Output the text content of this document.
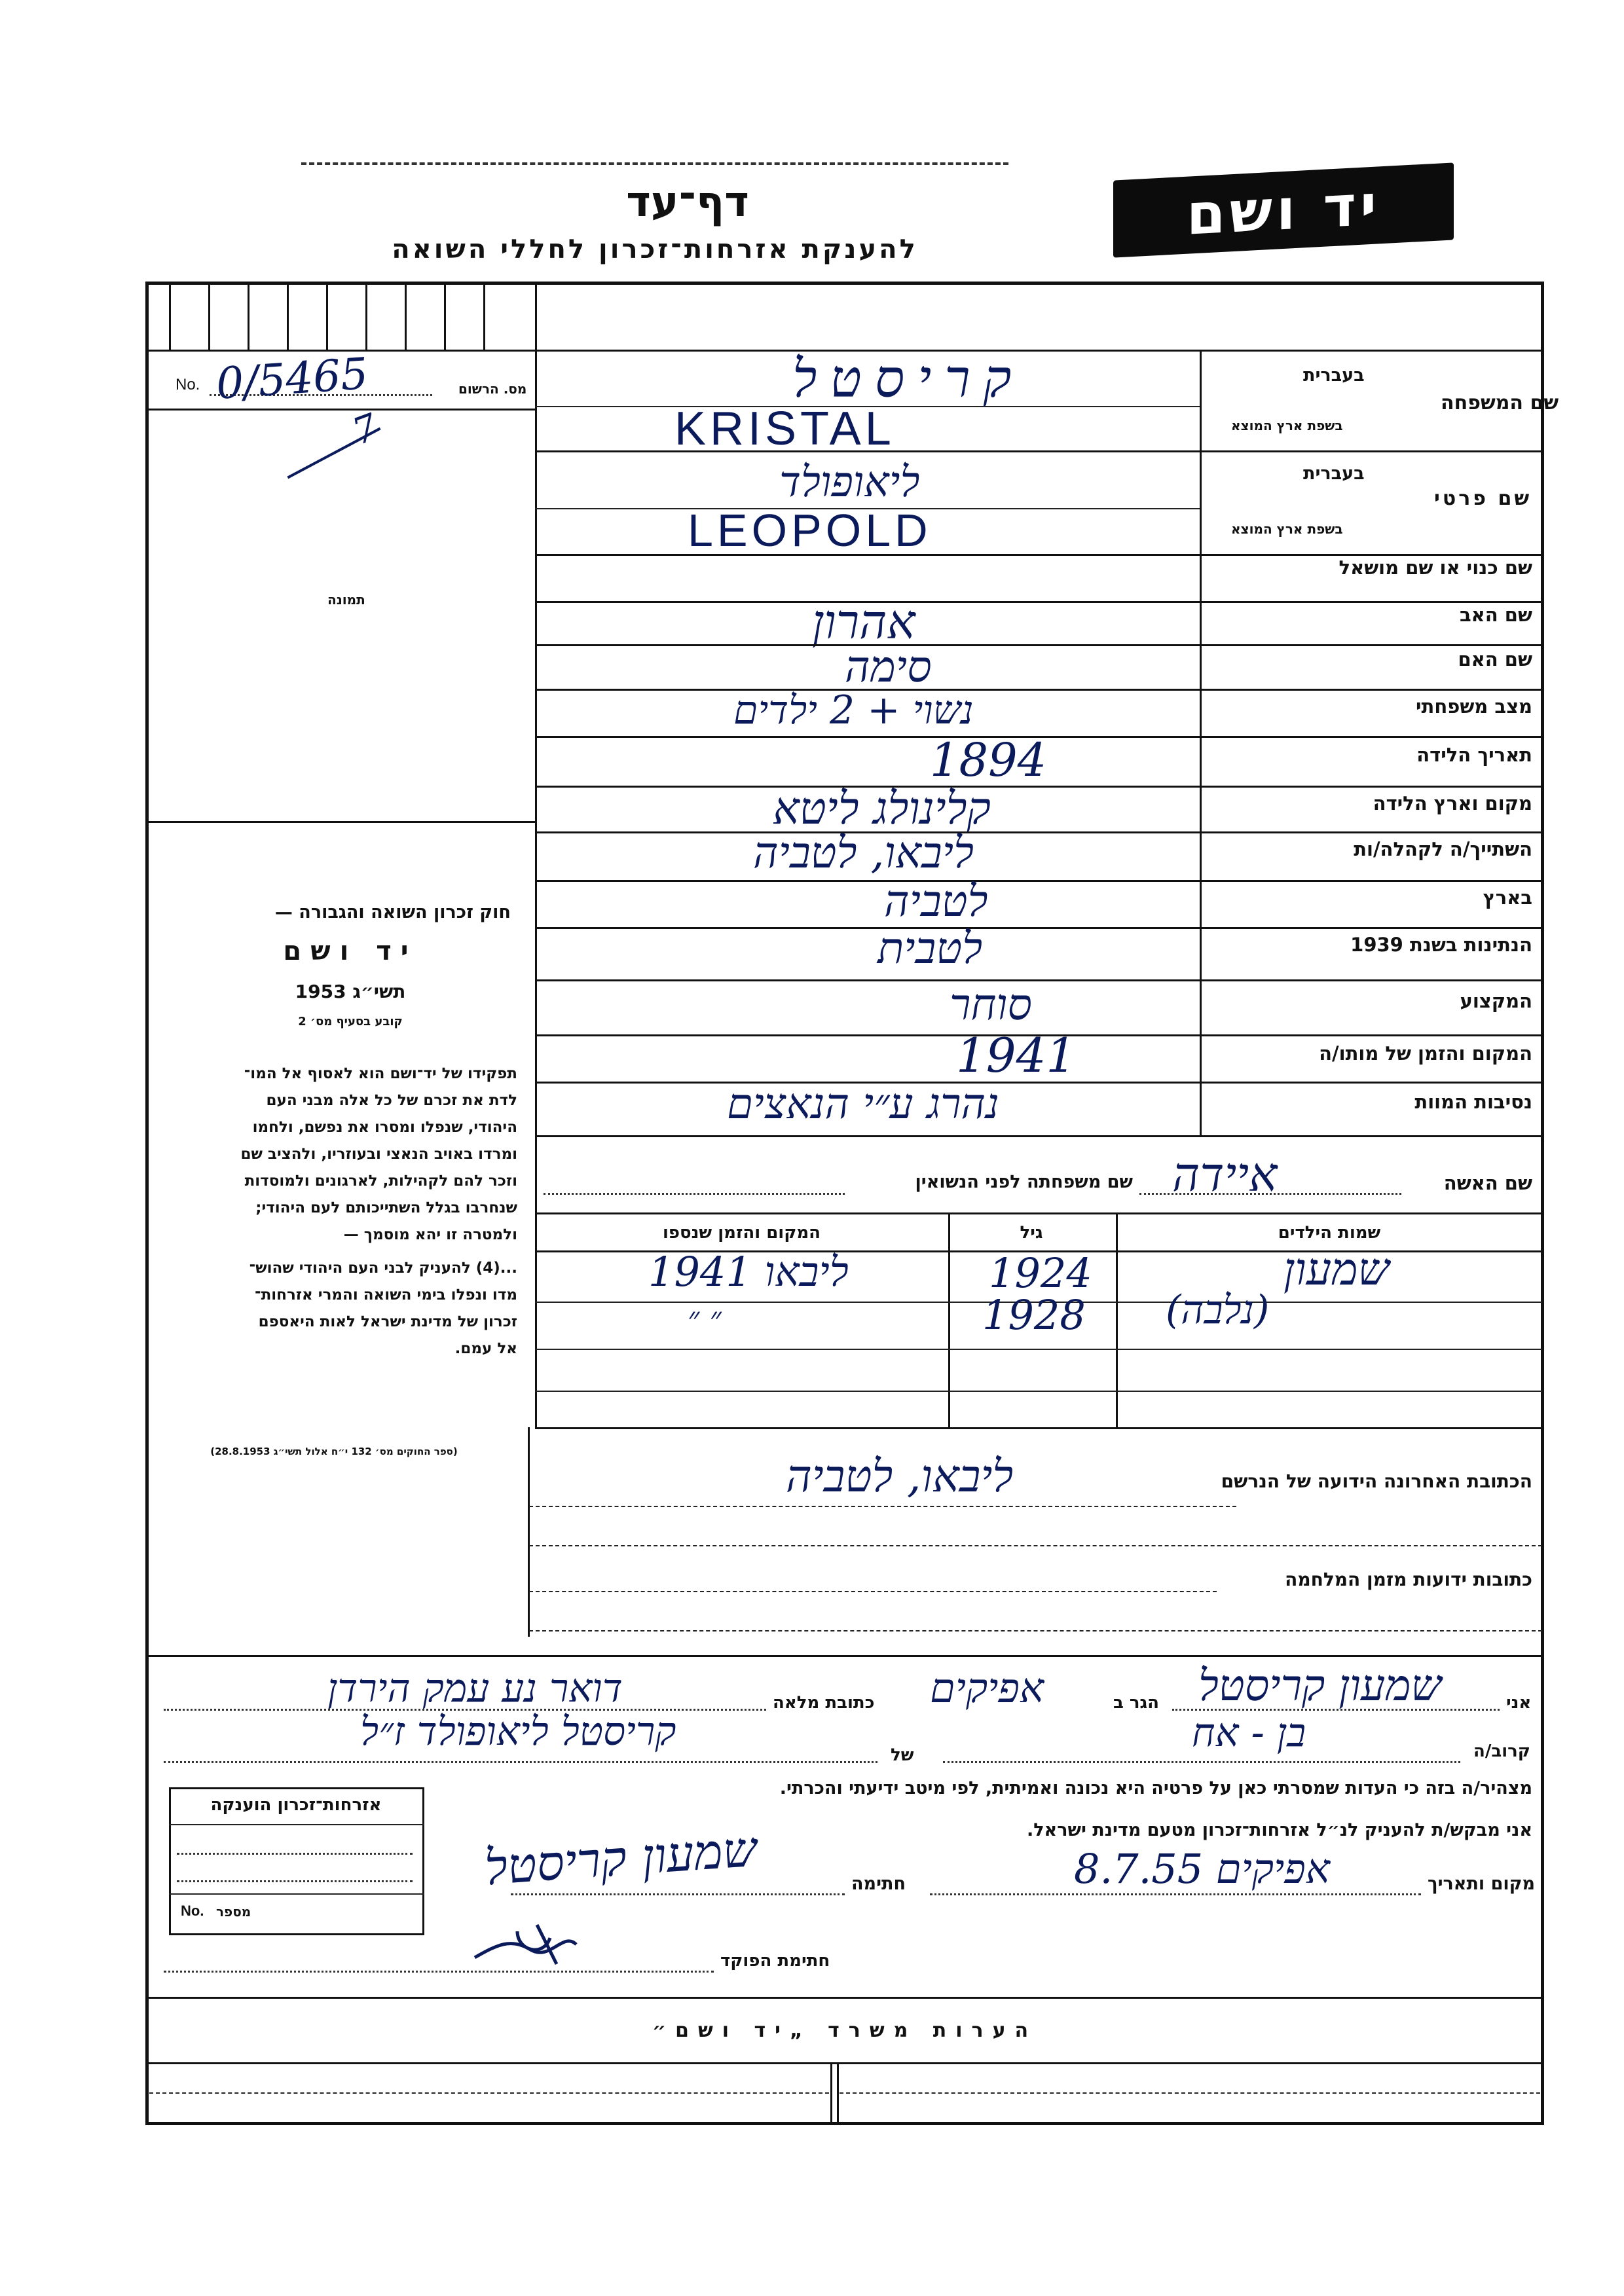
יד ושם
דף־עד
להענקת אזרחות־זכרון לחללי השואה
No. 0/5465	מס. הרשום
7
תמונה
חוק זכרון השואה והגבורה —
יד ושם
תשי״ג 1953
קובע בסעיף מס׳ 2
תפקידו של יד־ושם הוא לאסוף אל המו־
לדת את זכרם של כל אלה מבני העם
היהודי, שנפלו ומסרו את נפשם, ולחמו
ומרדו באויב הנאצי ובעוזריו, ולהציב שם
וזכר להם לקהילות, לארגונים ולמוסדות
שנחרבו בגלל השתייכותם לעם היהודי;
ולמטרה זו יהא מוסמך —
...(4) להעניק לבני העם היהודי שהוש־
מדו ונפלו בימי השואה והמרי אזרחות־
זכרון של מדינת ישראל לאות היאספם
אל עמם.
(ספר החוקים מס׳ 132 י״ח אלול תשי״ג 28.8.1953)
בעברית
בשפת ארץ המוצא
שם המשפחה
קריסטל
KRISTAL
בעברית
בשפת ארץ המוצא
שם פרטי
ליאופולד
LEOPOLD
שם כנוי או שם מושאל
שם האב
אהרון
שם האם
סימה
מצב משפחתי
נשוי + 2 ילדים
תאריך הלידה
1894
מקום וארץ הלידה
קלינולג ליטא
השתייך/ה לקהלה/ות
ליבאו, לטביה
בארץ
לטביה
הנתינות בשנת 1939
לטבית
המקצוע
סוחר
המקום והזמן של מותו/ה
1941
נסיבות המוות
נהרג ע״י הנאצים
שם האשה
איידה
שם משפחתה לפני הנשואין
שמות הילדים
גיל
המקום והזמן שנספו
שמעון
1924
ליבאו 1941
(נלבה)
1928
״ ״
הכתובת האחרונה הידועה של הנרשם
ליבאו, לטביה
כתובות ידועות מזמן המלחמה
אני
שמעון קריסטל
הגר ב
אפיקים
כתובת מלאה
דואר נע עמק הירדן
קרוב/ה
בן - אח
של
קריסטל ליאופולד ז״ל
מצהיר/ה בזה כי העדות שמסרתי כאן על פרטיה היא נכונה ואמיתית, לפי מיטב ידיעתי והכרתי.
אני מבקש/ת להעניק לנ״ל אזרחות־זכרון מטעם מדינת ישראל.
מקום ותאריך
אפיקים 8.7.55
חתימה
שמעון קריסטל
חתימת הפוקד
אזרחות־זכרון הוענקה
No. מספר
הערות משרד „יד ושם״
